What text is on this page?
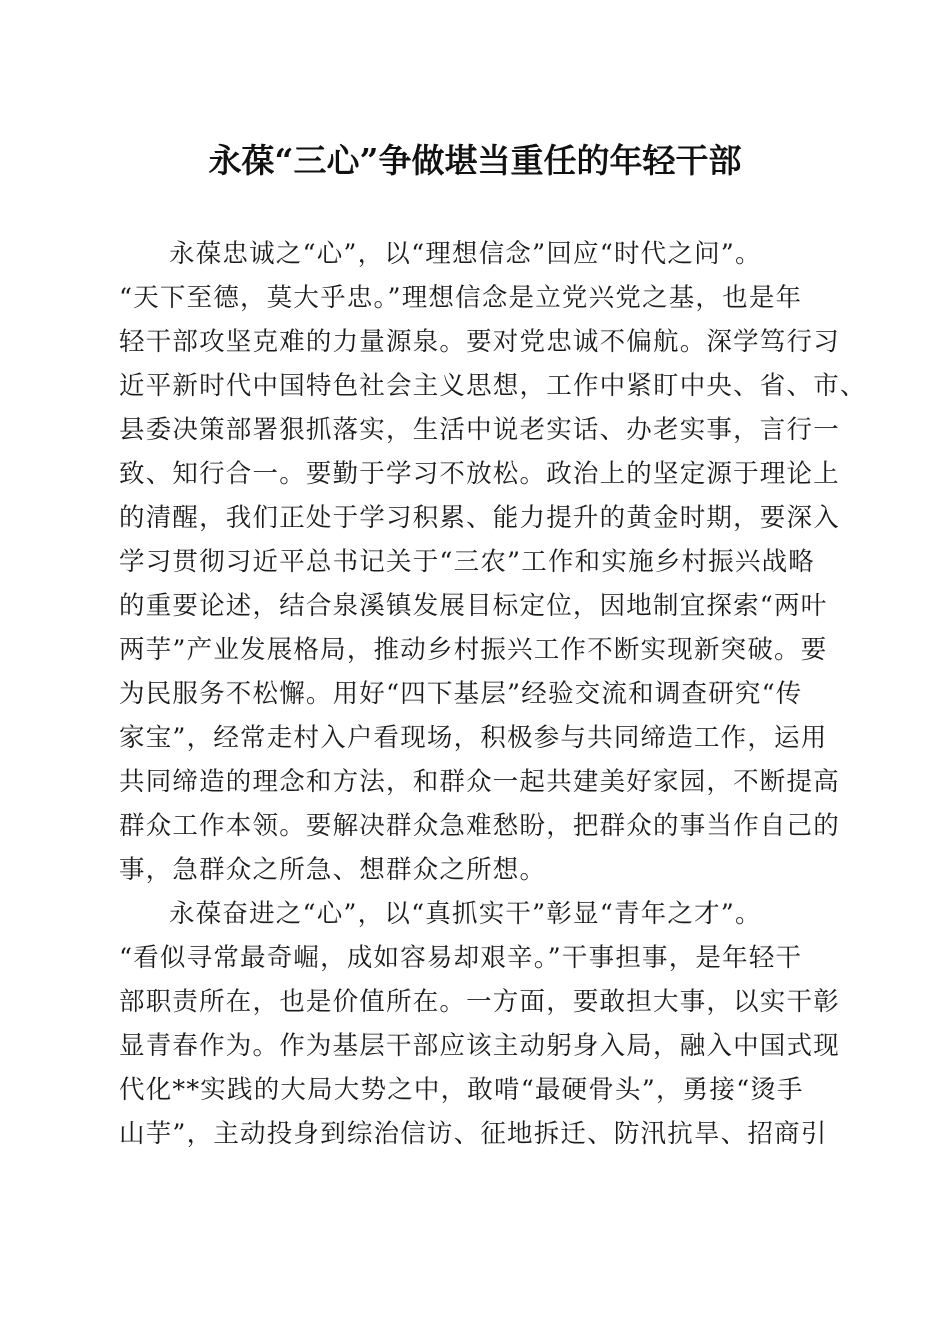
永葆“三心”争做堪当重任的年轻干部
永葆忠诚之“心”，以“理想信念”回应“时代之问”。
“天下至德，莫大乎忠。”理想信念是立党兴党之基，也是年
轻干部攻坚克难的力量源泉。要对党忠诚不偏航。深学笃行习
近平新时代中国特色社会主义思想，工作中紧盯中央、省、市、
县委决策部署狠抓落实，生活中说老实话、办老实事，言行一
致、知行合一。要勤于学习不放松。政治上的坚定源于理论上
的清醒，我们正处于学习积累、能力提升的黄金时期，要深入
学习贯彻习近平总书记关于“三农”工作和实施乡村振兴战略
的重要论述，结合泉溪镇发展目标定位，因地制宜探索“两叶
两芋”产业发展格局，推动乡村振兴工作不断实现新突破。要
为民服务不松懈。用好“四下基层”经验交流和调查研究“传
家宝”，经常走村入户看现场，积极参与共同缔造工作，运用
共同缔造的理念和方法，和群众一起共建美好家园，不断提高
群众工作本领。要解决群众急难愁盼，把群众的事当作自己的
事，急群众之所急、想群众之所想。
永葆奋进之“心”，以“真抓实干”彰显“青年之才”。
“看似寻常最奇崛，成如容易却艰辛。”干事担事，是年轻干
部职责所在，也是价值所在。一方面，要敢担大事，以实干彰
显青春作为。作为基层干部应该主动躬身入局，融入中国式现
代化**实践的大局大势之中，敢啃“最硬骨头”，勇接“烫手
山芋”，主动投身到综治信访、征地拆迁、防汛抗旱、招商引
